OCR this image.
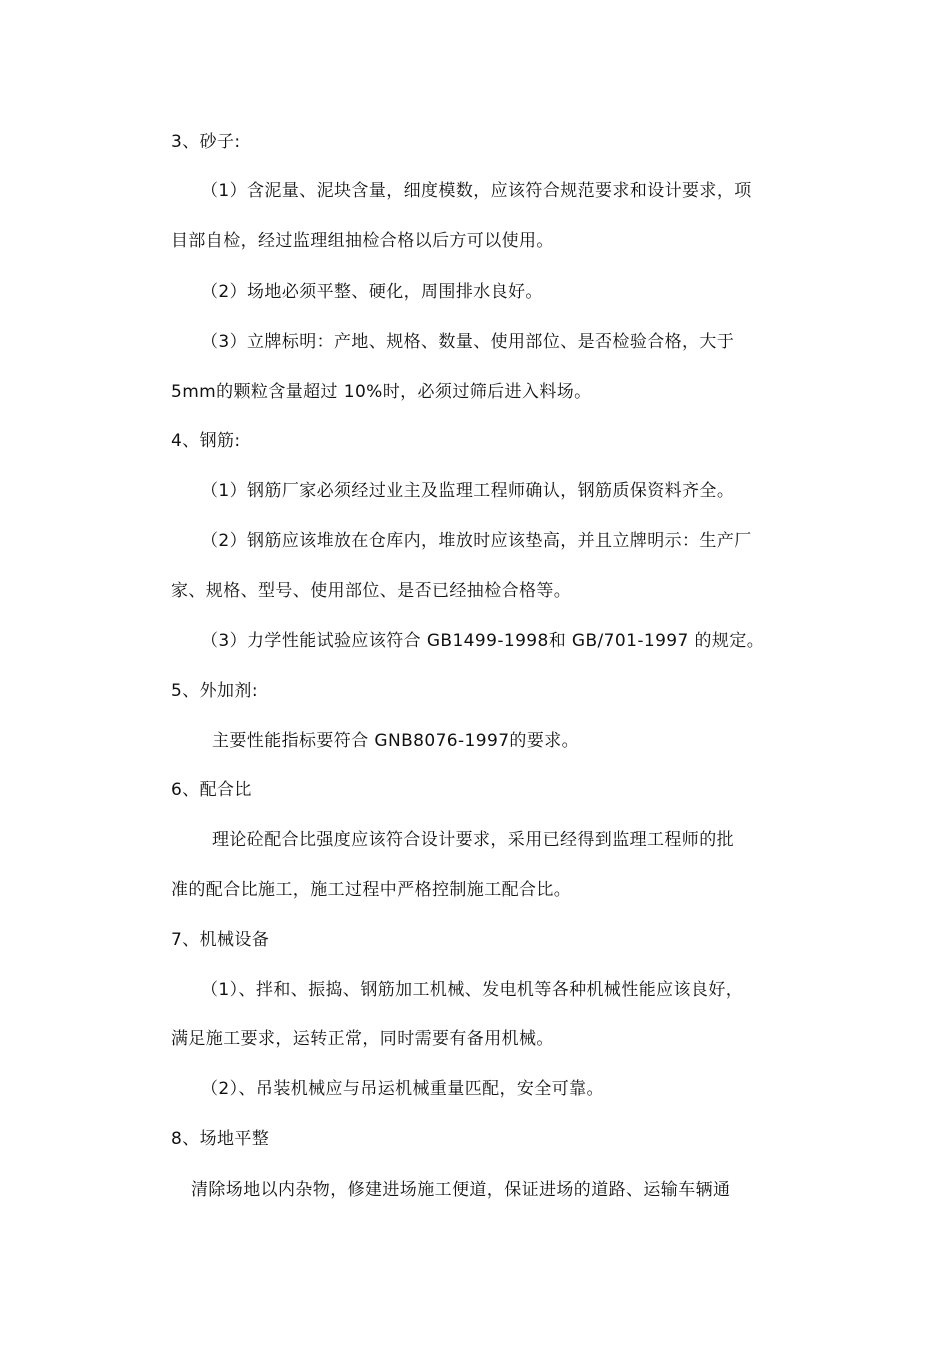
3、砂子:
（1）含泥量、泥块含量，细度模数，应该符合规范要求和设计要求，项
目部自检，经过监理组抽检合格以后方可以使用。
（2）场地必须平整、硬化，周围排水良好。
（3）立牌标明：产地、规格、数量、使用部位、是否检验合格，大于
5mm的颗粒含量超过 10%时，必须过筛后进入料场。
4、钢筋:
（1）钢筋厂家必须经过业主及监理工程师确认，钢筋质保资料齐全。
（2）钢筋应该堆放在仓库内，堆放时应该垫高，并且立牌明示：生产厂
家、规格、型号、使用部位、是否已经抽检合格等。
（3）力学性能试验应该符合 GB1499-1998和 GB/701-1997 的规定。
5、外加剂:
主要性能指标要符合 GNB8076-1997的要求。
6、配合比
理论砼配合比强度应该符合设计要求，采用已经得到监理工程师的批
准的配合比施工，施工过程中严格控制施工配合比。
7、机械设备
（1）、拌和、振捣、钢筋加工机械、发电机等各种机械性能应该良好，
满足施工要求，运转正常，同时需要有备用机械。
（2）、吊装机械应与吊运机械重量匹配，安全可靠。
8、场地平整
清除场地以内杂物，修建进场施工便道，保证进场的道路、运输车辆通
